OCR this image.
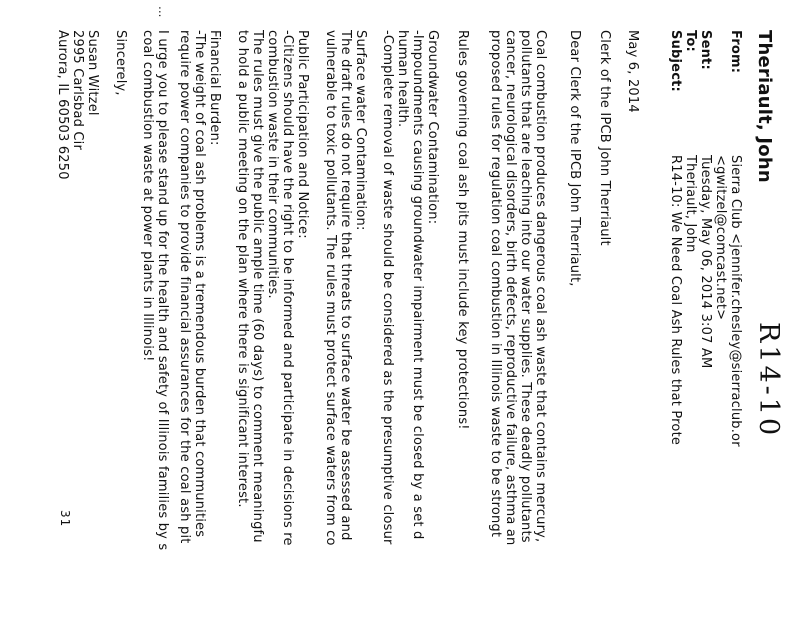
R14-10
Theriault, John
From:Sierra Club <jennifer.chesley@sierraclub.or
<gwitzel@comcast.net>
Sent:Tuesday, May 06, 2014 3:07 AM
To:Theriault, John
Subject:R14-10: We Need Coal Ash Rules that Prote
May 6, 2014
Clerk of the IPCB John Therriault
Dear Clerk of the IPCB John Therriault,
Coal combustion produces dangerous coal ash waste that contains mercury,
pollutants that are leaching into our water supplies. These deadly pollutants
cancer, neurological disorders, birth defects, reproductive failure, asthma an
proposed rules for regulation coal combustion in Illinois waste to be strongt
Rules governing coal ash pits must include key protections!
Groundwater Contamination:
-Impoundments causing groundwater impairment must be closed by a set d
human health.
-Complete removal of waste should be considered as the presumptive closur
Surface water Contamination:
The draft rules do not require that threats to surface water be assessed and
vulnerable to toxic pollutants. The rules must protect surface waters from co
Public Participation and Notice:
-Citizens should have the right to be informed and participate in decisions re
combustion waste in their communities.
The rules must give the public ample time (60 days) to comment meaningfu
to hold a public meeting on the plan where there is significant interest.
Financial Burden:
-The weight of coal ash problems is a tremendous burden that communities
require power companies to provide financial assurances for the coal ash pit
I urge you to please stand up for the health and safety of Illinois families by s
coal combustion waste at power plants in Illinois!
Sincerely,
Susan Witzel
2995 Carlsbad Cir
Aurora, IL 60503 6250
31
...
